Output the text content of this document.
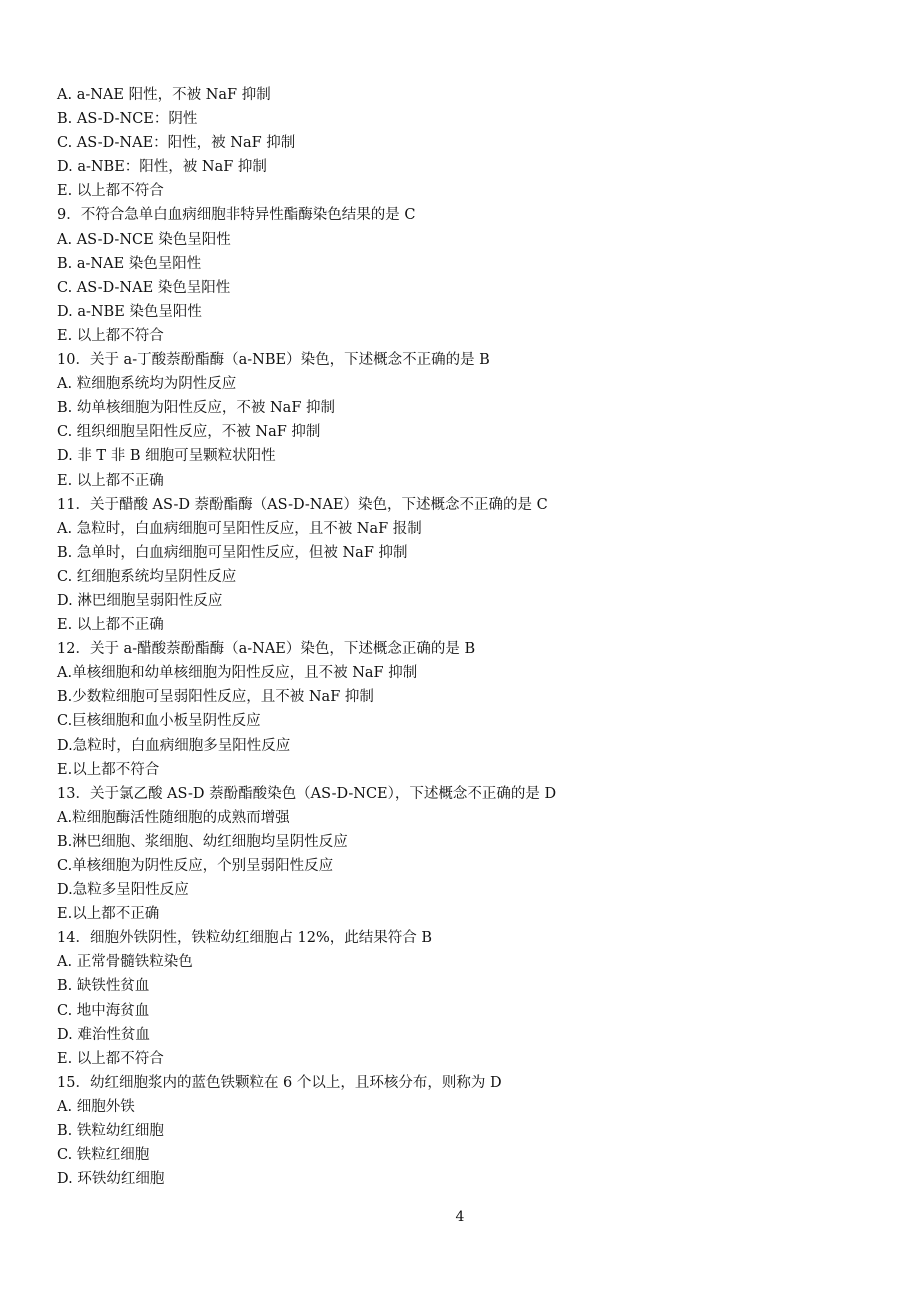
A. a-NAE 阳性，不被 NaF 抑制
B. AS-D-NCE：阴性
C. AS-D-NAE：阳性，被 NaF 抑制
D. a-NBE：阳性，被 NaF 抑制
E. 以上都不符合
9．不符合急单白血病细胞非特异性酯酶染色结果的是 C
A. AS-D-NCE 染色呈阳性
B. a-NAE 染色呈阳性
C. AS-D-NAE 染色呈阳性
D. a-NBE 染色呈阳性
E. 以上都不符合
10．关于 a-丁酸萘酚酯酶（a-NBE）染色，下述概念不正确的是 B
A. 粒细胞系统均为阴性反应
B. 幼单核细胞为阳性反应，不被 NaF 抑制
C. 组织细胞呈阳性反应，不被 NaF 抑制
D. 非 T 非 B 细胞可呈颗粒状阳性
E. 以上都不正确
11．关于醋酸 AS-D 萘酚酯酶（AS-D-NAE）染色，下述概念不正确的是 C
A. 急粒时，白血病细胞可呈阳性反应，且不被 NaF 报制
B. 急单时，白血病细胞可呈阳性反应，但被 NaF 抑制
C. 红细胞系统均呈阴性反应
D. 淋巴细胞呈弱阳性反应
E. 以上都不正确
12．关于 a-醋酸萘酚酯酶（a-NAE）染色，下述概念正确的是 B
A.单核细胞和幼单核细胞为阳性反应，且不被 NaF 抑制
B.少数粒细胞可呈弱阳性反应，且不被 NaF 抑制
C.巨核细胞和血小板呈阴性反应
D.急粒时，白血病细胞多呈阳性反应
E.以上都不符合
13．关于氯乙酸 AS-D 萘酚酯酸染色（AS-D-NCE），下述概念不正确的是 D
A.粒细胞酶活性随细胞的成熟而增强
B.淋巴细胞、浆细胞、幼红细胞均呈阴性反应
C.单核细胞为阴性反应，个别呈弱阳性反应
D.急粒多呈阳性反应
E.以上都不正确
14．细胞外铁阴性，铁粒幼红细胞占 12%，此结果符合 B
A. 正常骨髓铁粒染色
B. 缺铁性贫血
C. 地中海贫血
D. 难治性贫血
E. 以上都不符合
15．幼红细胞浆内的蓝色铁颗粒在 6 个以上，且环核分布，则称为 D
A. 细胞外铁
B. 铁粒幼红细胞
C. 铁粒红细胞
D. 环铁幼红细胞
4
